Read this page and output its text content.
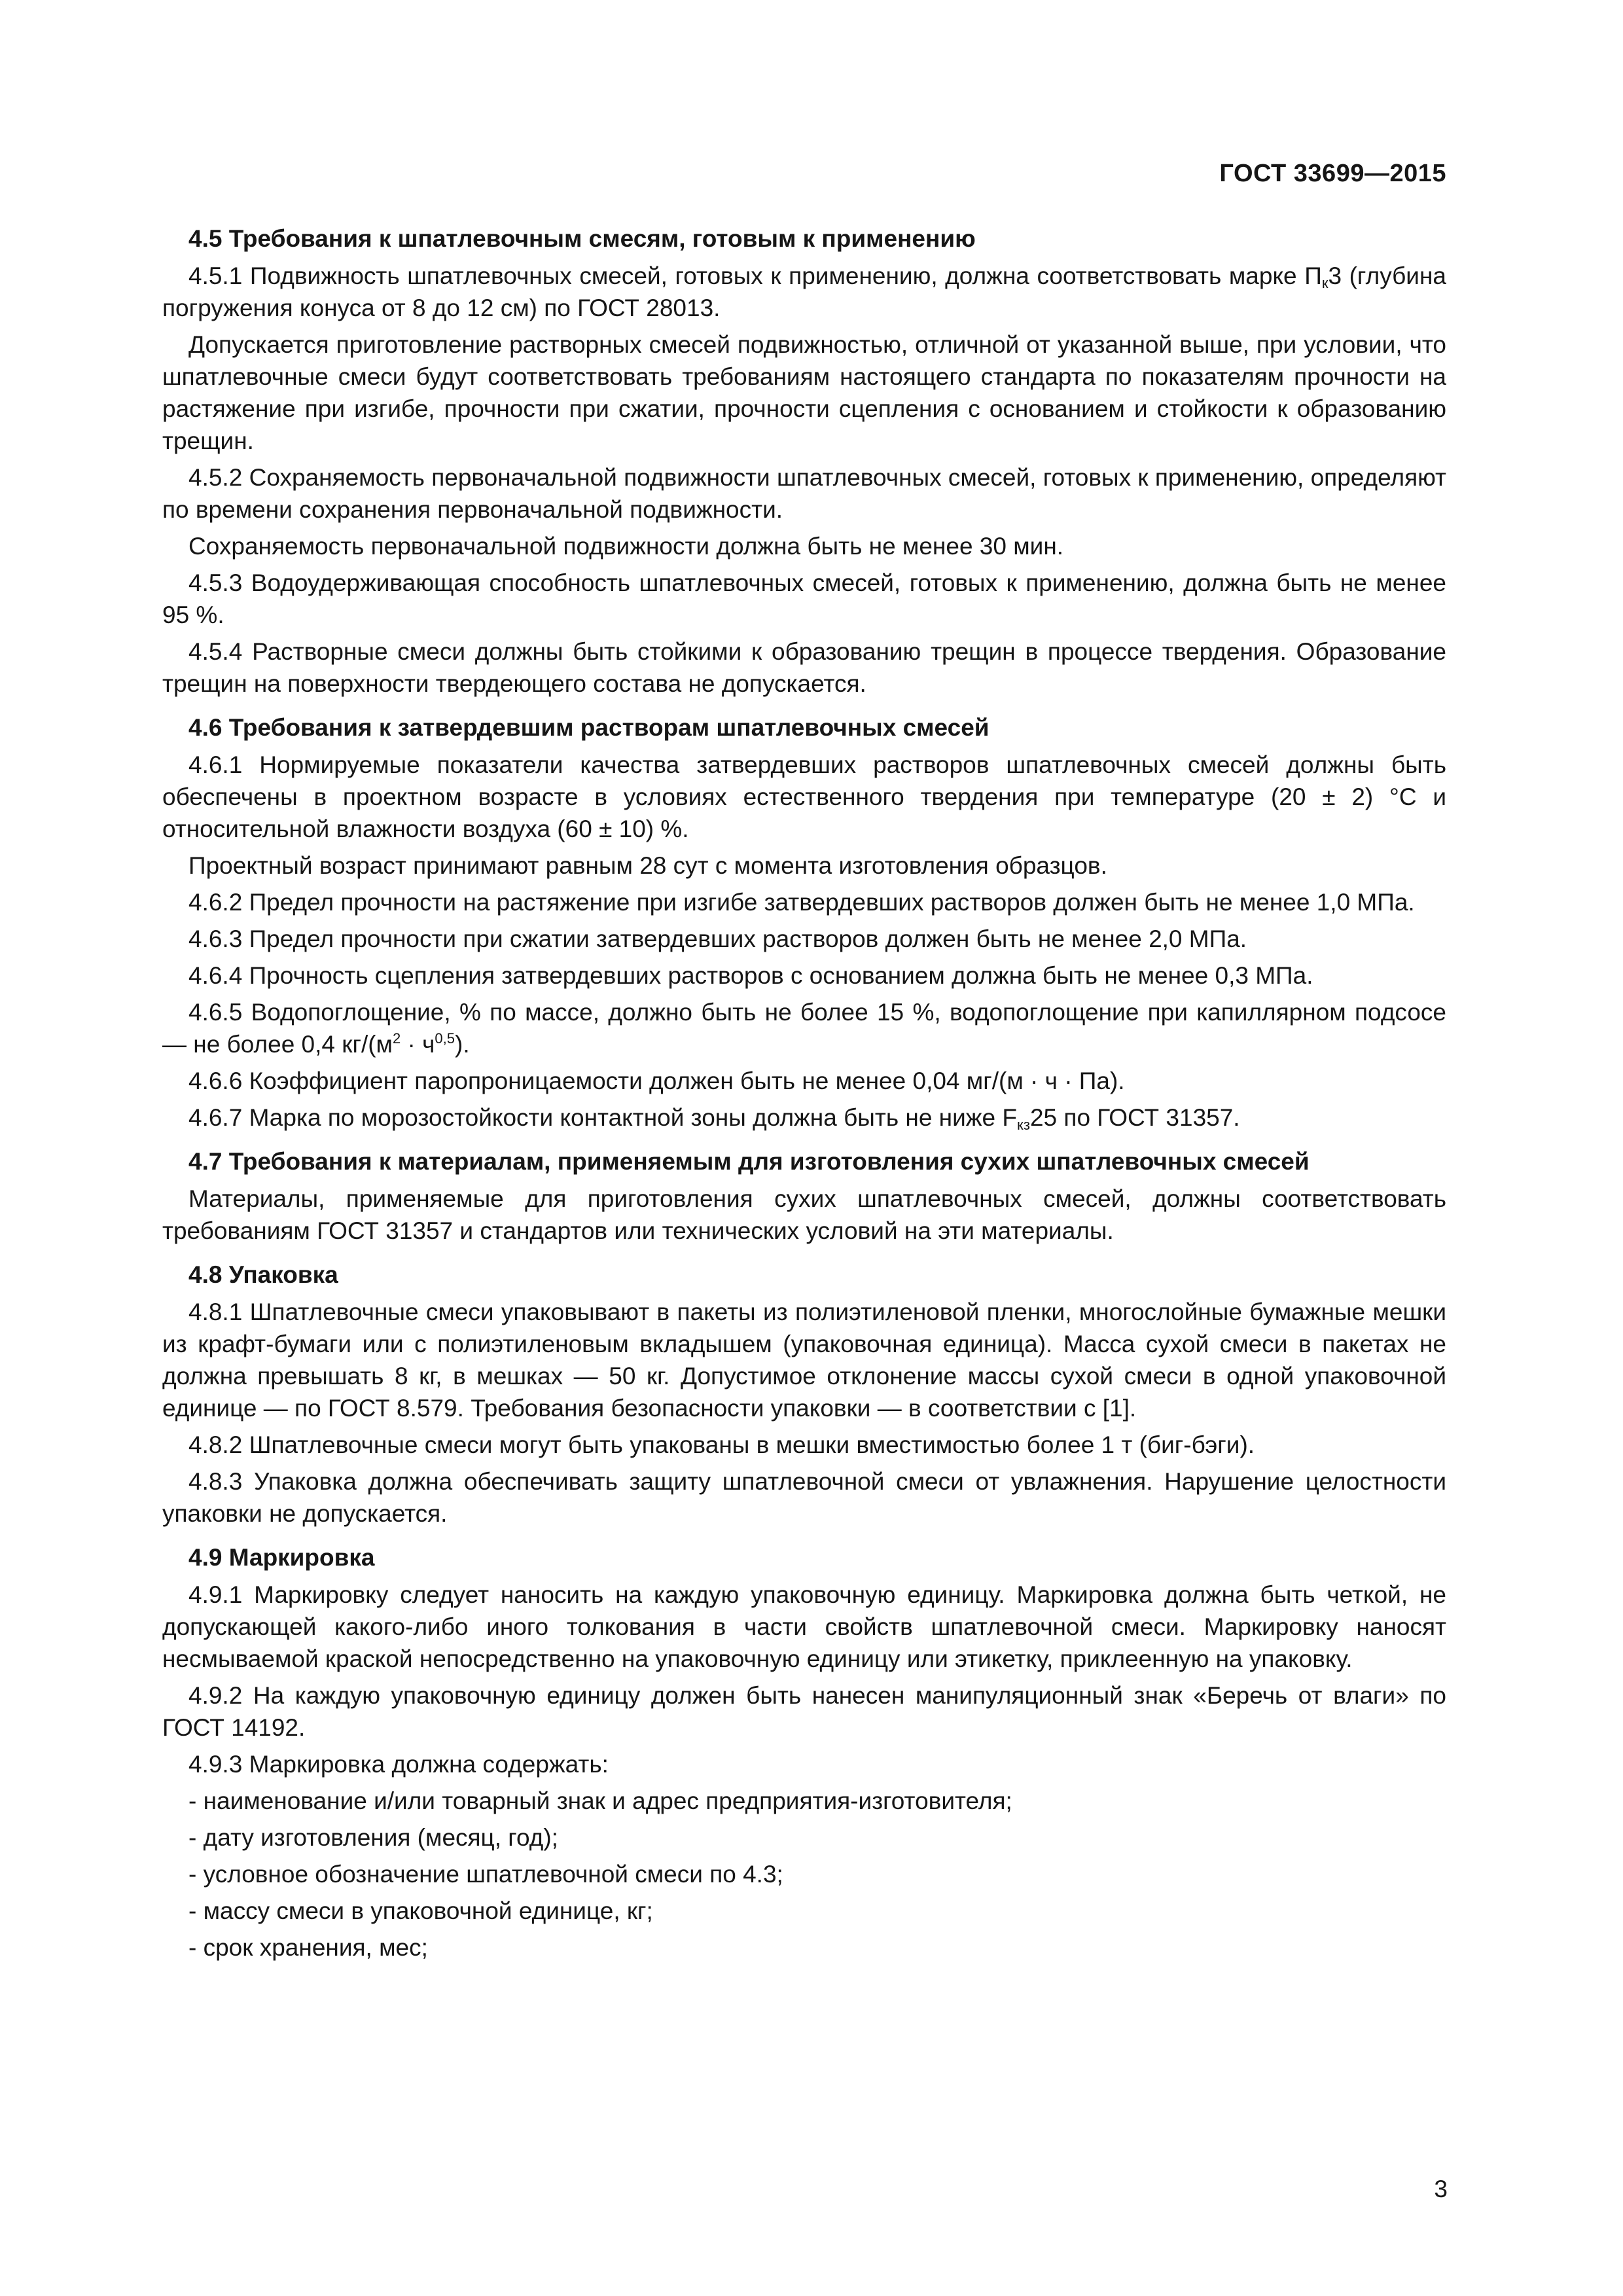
ГОСТ 33699—2015
4.5 Требования к шпатлевочным смесям, готовым к применению

4.5.1 Подвижность шпатлевочных смесей, готовых к применению, должна соответствовать марке $П_к3$ (глубина погружения конуса от 8 до 12 см) по ГОСТ 28013.

Допускается приготовление растворных смесей подвижностью, отличной от указанной выше, при условии, что шпатлевочные смеси будут соответствовать требованиям настоящего стандарта по показателям прочности на растяжение при изгибе, прочности при сжатии, прочности сцепления с основанием и стойкости к образованию трещин.

4.5.2 Сохраняемость первоначальной подвижности шпатлевочных смесей, готовых к применению, определяют по времени сохранения первоначальной подвижности.

Сохраняемость первоначальной подвижности должна быть не менее 30 мин.

4.5.3 Водоудерживающая способность шпатлевочных смесей, готовых к применению, должна быть не менее 95 %.

4.5.4 Растворные смеси должны быть стойкими к образованию трещин в процессе твердения. Образование трещин на поверхности твердеющего состава не допускается.

4.6 Требования к затвердевшим растворам шпатлевочных смесей

4.6.1 Нормируемые показатели качества затвердевших растворов шпатлевочных смесей должны быть обеспечены в проектном возрасте в условиях естественного твердения при температуре (20 ± 2) °С и относительной влажности воздуха (60 ± 10) %.

Проектный возраст принимают равным 28 сут с момента изготовления образцов.

4.6.2 Предел прочности на растяжение при изгибе затвердевших растворов должен быть не менее 1,0 МПа.

4.6.3 Предел прочности при сжатии затвердевших растворов должен быть не менее 2,0 МПа.

4.6.4 Прочность сцепления затвердевших растворов с основанием должна быть не менее 0,3 МПа.

4.6.5 Водопоглощение, % по массе, должно быть не более 15 %, водопоглощение при капиллярном подсосе — не более 0,4 $кг/(м^2 \cdot ч^{0,5})$.

4.6.6 Коэффициент паропроницаемости должен быть не менее 0,04 мг/(м · ч · Па).

4.6.7 Марка по морозостойкости контактной зоны должна быть не ниже $F_{кз}25$ по ГОСТ 31357.

4.7 Требования к материалам, применяемым для изготовления сухих шпатлевочных смесей

Материалы, применяемые для приготовления сухих шпатлевочных смесей, должны соответствовать требованиям ГОСТ 31357 и стандартов или технических условий на эти материалы.

4.8 Упаковка

4.8.1 Шпатлевочные смеси упаковывают в пакеты из полиэтиленовой пленки, многослойные бумажные мешки из крафт-бумаги или с полиэтиленовым вкладышем (упаковочная единица). Масса сухой смеси в пакетах не должна превышать 8 кг, в мешках — 50 кг. Допустимое отклонение массы сухой смеси в одной упаковочной единице — по ГОСТ 8.579. Требования безопасности упаковки — в соответствии с [1].

4.8.2 Шпатлевочные смеси могут быть упакованы в мешки вместимостью более 1 т (биг-бэги).

4.8.3 Упаковка должна обеспечивать защиту шпатлевочной смеси от увлажнения. Нарушение целостности упаковки не допускается.

4.9 Маркировка

4.9.1 Маркировку следует наносить на каждую упаковочную единицу. Маркировка должна быть четкой, не допускающей какого-либо иного толкования в части свойств шпатлевочной смеси. Маркировку наносят несмываемой краской непосредственно на упаковочную единицу или этикетку, приклеенную на упаковку.

4.9.2 На каждую упаковочную единицу должен быть нанесен манипуляционный знак «Беречь от влаги» по ГОСТ 14192.

4.9.3 Маркировка должна содержать:

- наименование и/или товарный знак и адрес предприятия-изготовителя;
- дату изготовления (месяц, год);
- условное обозначение шпатлевочной смеси по 4.3;
- массу смеси в упаковочной единице, кг;
- срок хранения, мес;
3
